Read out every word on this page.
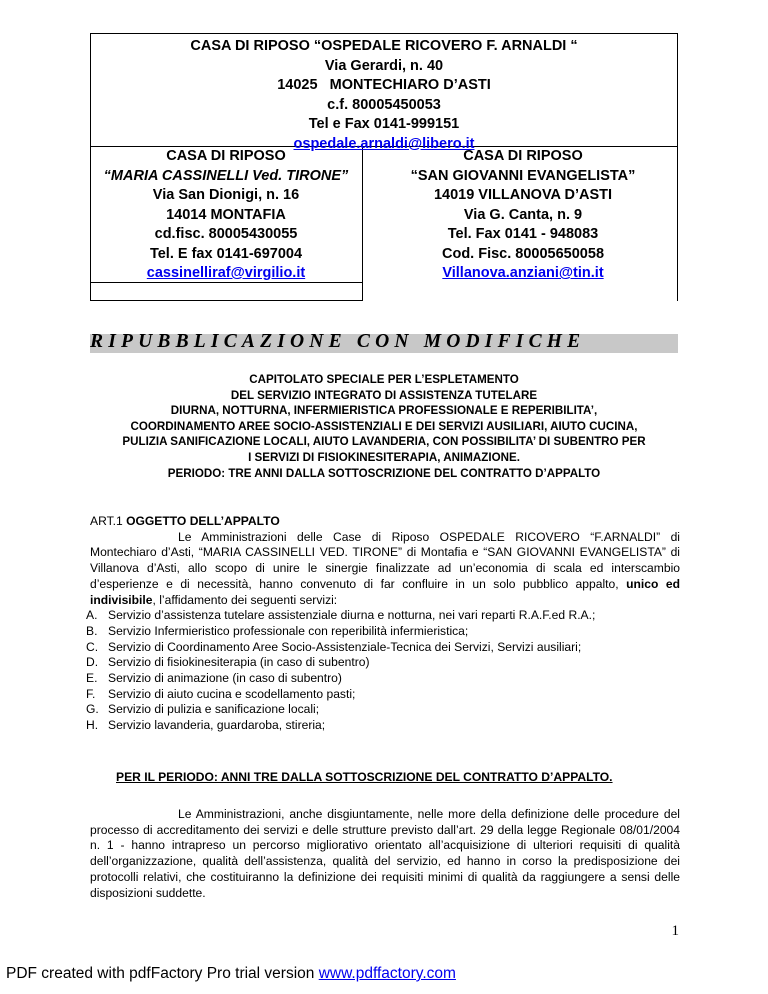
CASA DI RIPOSO “OSPEDALE RICOVERO F. ARNALDI “
Via Gerardi, n. 40
14025   MONTECHIARO D’ASTI
c.f. 80005450053
Tel e Fax 0141-999151
ospedale.arnaldi@libero.it
CASA DI RIPOSO
“MARIA CASSINELLI Ved. TIRONE”
Via San Dionigi, n. 16
14014 MONTAFIA
cd.fisc. 80005430055
Tel. E fax 0141-697004
cassinelliraf@virgilio.it
CASA DI RIPOSO
“SAN GIOVANNI EVANGELISTA”
14019 VILLANOVA D’ASTI
Via G. Canta, n. 9
Tel. Fax 0141 - 948083
Cod. Fisc. 80005650058
Villanova.anziani@tin.it
RIPUBBLICAZIONE CON MODIFICHE
CAPITOLATO SPECIALE PER L’ESPLETAMENTO
DEL SERVIZIO INTEGRATO DI ASSISTENZA TUTELARE
DIURNA, NOTTURNA, INFERMIERISTICA PROFESSIONALE E REPERIBILITA’,
COORDINAMENTO AREE SOCIO-ASSISTENZIALI E DEI SERVIZI AUSILIARI, AIUTO CUCINA,
PULIZIA SANIFICAZIONE LOCALI, AIUTO LAVANDERIA, CON POSSIBILITA’ DI SUBENTRO PER
I SERVIZI DI FISIOKINESITERAPIA, ANIMAZIONE.
PERIODO: TRE ANNI DALLA SOTTOSCRIZIONE DEL CONTRATTO D’APPALTO
ART.1 OGGETTO DELL’APPALTO
Le Amministrazioni delle Case di Riposo OSPEDALE RICOVERO “F.ARNALDI” di Montechiaro d’Asti, “MARIA CASSINELLI VED. TIRONE” di Montafia e “SAN GIOVANNI EVANGELISTA” di Villanova d’Asti, allo scopo di unire le sinergie finalizzate ad un’economia di scala ed interscambio d’esperienze e di necessità, hanno convenuto di far confluire in un solo pubblico appalto, unico ed indivisibile, l’affidamento dei seguenti servizi:
A. Servizio d’assistenza tutelare assistenziale diurna e notturna, nei vari reparti R.A.F.ed R.A.;
B. Servizio Infermieristico professionale con reperibilità infermieristica;
C. Servizio di Coordinamento Aree Socio-Assistenziale-Tecnica dei Servizi, Servizi ausiliari;
D. Servizio di fisiokinesiterapia (in caso di subentro)
E. Servizio di animazione (in caso di subentro)
F.	Servizio di aiuto cucina e scodellamento pasti;
G. Servizio di pulizia e sanificazione locali;
H. Servizio lavanderia, guardaroba, stireria;
PER IL PERIODO: ANNI TRE DALLA SOTTOSCRIZIONE DEL CONTRATTO D’APPALTO.
Le Amministrazioni, anche disgiuntamente, nelle more della definizione delle procedure del processo di accreditamento dei servizi e delle strutture previsto dall’art. 29 della legge Regionale 08/01/2004 n. 1 - hanno intrapreso un percorso migliorativo orientato all’acquisizione di ulteriori requisiti di qualità dell’organizzazione, qualità dell’assistenza, qualità del servizio, ed hanno in corso la predisposizione dei protocolli relativi, che costituiranno la definizione dei requisiti minimi di qualità da raggiungere a sensi delle disposizioni suddette.
1
PDF created with pdfFactory Pro trial version www.pdffactory.com
